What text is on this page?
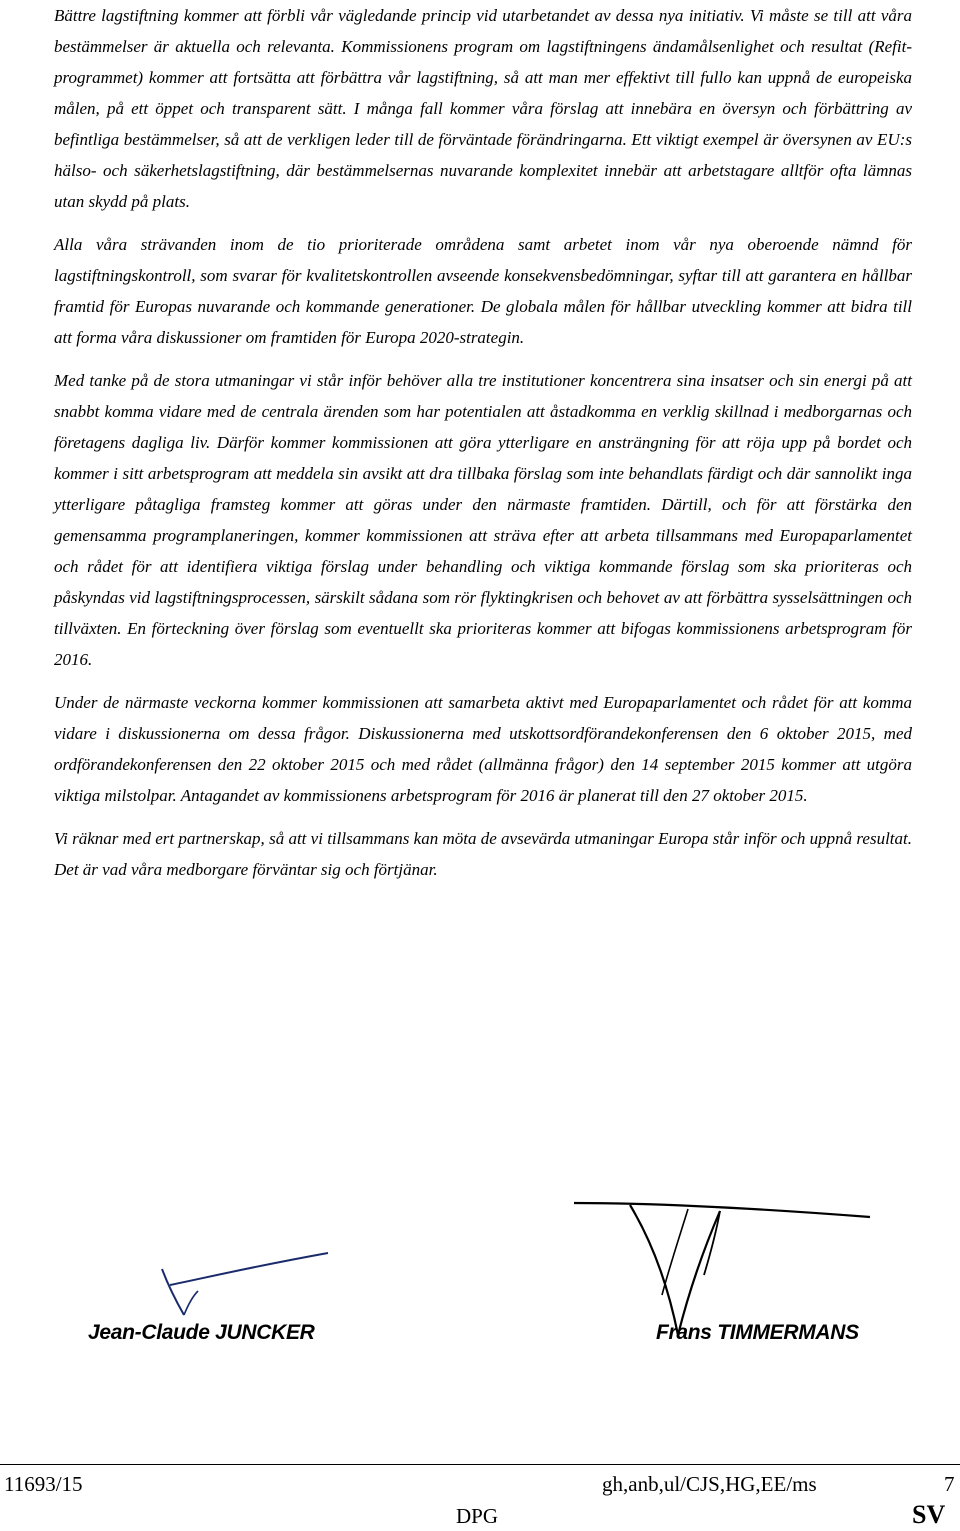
Bättre lagstiftning kommer att förbli vår vägledande princip vid utarbetandet av dessa nya initiativ. Vi måste se till att våra bestämmelser är aktuella och relevanta. Kommissionens program om lagstiftningens ändamålsenlighet och resultat (Refit-programmet) kommer att fortsätta att förbättra vår lagstiftning, så att man mer effektivt till fullo kan uppnå de europeiska målen, på ett öppet och transparent sätt. I många fall kommer våra förslag att innebära en översyn och förbättring av befintliga bestämmelser, så att de verkligen leder till de förväntade förändringarna. Ett viktigt exempel är översynen av EU:s hälso- och säkerhetslagstiftning, där bestämmelsernas nuvarande komplexitet innebär att arbetstagare alltför ofta lämnas utan skydd på plats.

Alla våra strävanden inom de tio prioriterade områdena samt arbetet inom vår nya oberoende nämnd för lagstiftningskontroll, som svarar för kvalitetskontrollen avseende konsekvensbedömningar, syftar till att garantera en hållbar framtid för Europas nuvarande och kommande generationer. De globala målen för hållbar utveckling kommer att bidra till att forma våra diskussioner om framtiden för Europa 2020-strategin.

Med tanke på de stora utmaningar vi står inför behöver alla tre institutioner koncentrera sina insatser och sin energi på att snabbt komma vidare med de centrala ärenden som har potentialen att åstadkomma en verklig skillnad i medborgarnas och företagens dagliga liv. Därför kommer kommissionen att göra ytterligare en ansträngning för att röja upp på bordet och kommer i sitt arbetsprogram att meddela sin avsikt att dra tillbaka förslag som inte behandlats färdigt och där sannolikt inga ytterligare påtagliga framsteg kommer att göras under den närmaste framtiden. Därtill, och för att förstärka den gemensamma programplaneringen, kommer kommissionen att sträva efter att arbeta tillsammans med Europaparlamentet och rådet för att identifiera viktiga förslag under behandling och viktiga kommande förslag som ska prioriteras och påskyndas vid lagstiftningsprocessen, särskilt sådana som rör flyktingkrisen och behovet av att förbättra sysselsättningen och tillväxten. En förteckning över förslag som eventuellt ska prioriteras kommer att bifogas kommissionens arbetsprogram för 2016.

Under de närmaste veckorna kommer kommissionen att samarbeta aktivt med Europaparlamentet och rådet för att komma vidare i diskussionerna om dessa frågor. Diskussionerna med utskottsordförandekonferensen den 6 oktober 2015, med ordförandekonferensen den 22 oktober 2015 och med rådet (allmänna frågor) den 14 september 2015 kommer att utgöra viktiga milstolpar. Antagandet av kommissionens arbetsprogram för 2016 är planerat till den 27 oktober 2015.

Vi räknar med ert partnerskap, så att vi tillsammans kan möta de avsevärda utmaningar Europa står inför och uppnå resultat. Det är vad våra medborgare förväntar sig och förtjänar.

Jean-Claude JUNCKER	Frans TIMMERMANS
11693/15	gh,anb,ul/CJS,HG,EE/ms	7
DPG	SV
